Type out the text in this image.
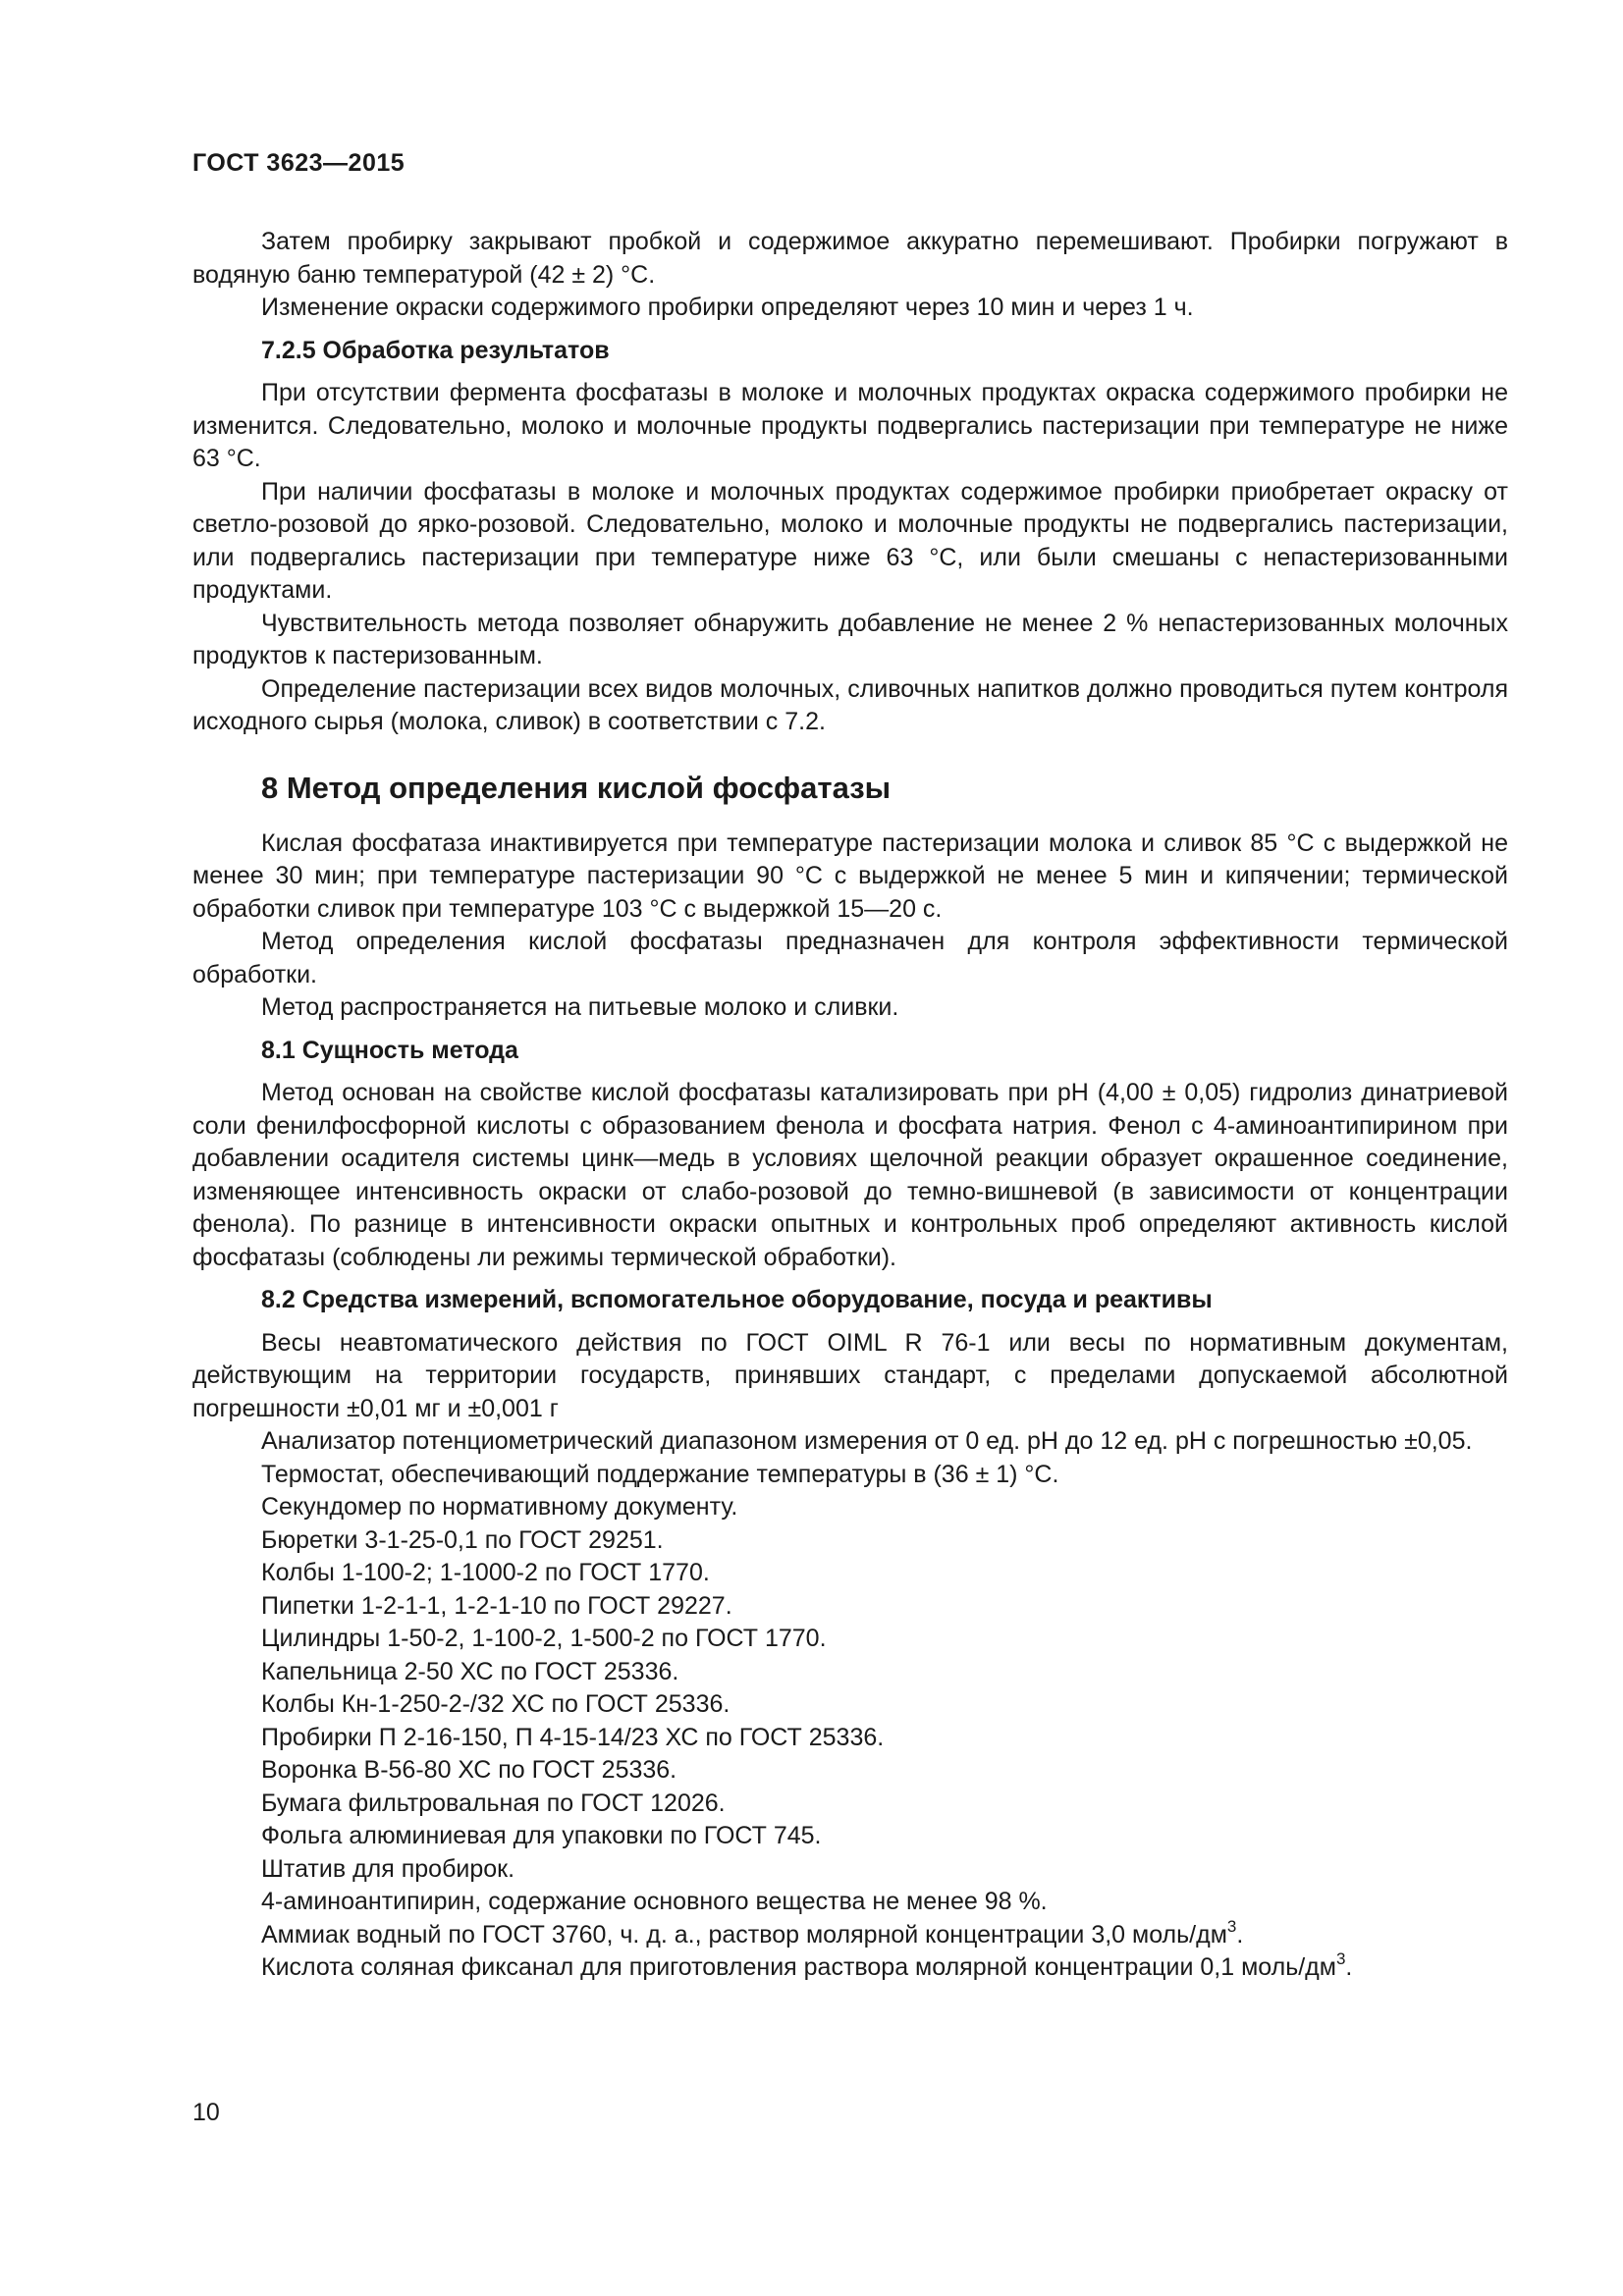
ГОСТ 3623—2015

Затем пробирку закрывают пробкой и содержимое аккуратно перемешивают. Пробирки погружают в водяную баню температурой (42 ± 2) °С.

Изменение окраски содержимого пробирки определяют через 10 мин и через 1 ч.

7.2.5 Обработка результатов

При отсутствии фермента фосфатазы в молоке и молочных продуктах окраска содержимого пробирки не изменится. Следовательно, молоко и молочные продукты подвергались пастеризации при температуре не ниже 63 °С.

При наличии фосфатазы в молоке и молочных продуктах содержимое пробирки приобретает окраску от светло-розовой до ярко-розовой. Следовательно, молоко и молочные продукты не подвергались пастеризации, или подвергались пастеризации при температуре ниже 63 °С, или были смешаны с непастеризованными продуктами.

Чувствительность метода позволяет обнаружить добавление не менее 2 % непастеризованных молочных продуктов к пастеризованным.

Определение пастеризации всех видов молочных, сливочных напитков должно проводиться путем контроля исходного сырья (молока, сливок) в соответствии с 7.2.

8 Метод определения кислой фосфатазы

Кислая фосфатаза инактивируется при температуре пастеризации молока и сливок 85 °С с выдержкой не менее 30 мин; при температуре пастеризации 90 °С с выдержкой не менее 5 мин и кипячении; термической обработки сливок при температуре 103 °С с выдержкой 15—20 с.

Метод определения кислой фосфатазы предназначен для контроля эффективности термической обработки.

Метод распространяется на питьевые молоко и сливки.

8.1 Сущность метода

Метод основан на свойстве кислой фосфатазы катализировать при рН (4,00 ± 0,05) гидролиз динатриевой соли фенилфосфорной кислоты с образованием фенола и фосфата натрия. Фенол с 4-аминоантипирином при добавлении осадителя системы цинк—медь в условиях щелочной реакции образует окрашенное соединение, изменяющее интенсивность окраски от слабо-розовой до темно-вишневой (в зависимости от концентрации фенола). По разнице в интенсивности окраски опытных и контрольных проб определяют активность кислой фосфатазы (соблюдены ли режимы термической обработки).

8.2 Средства измерений, вспомогательное оборудование, посуда и реактивы

Весы неавтоматического действия по ГОСТ OIML R 76-1 или весы по нормативным документам, действующим на территории государств, принявших стандарт, с пределами допускаемой абсолютной погрешности ±0,01 мг и ±0,001 г

Анализатор потенциометрический диапазоном измерения от 0 ед. рН до 12 ед. рН с погрешностью ±0,05.

Термостат, обеспечивающий поддержание температуры в (36 ± 1) °С.
Секундомер по нормативному документу.
Бюретки 3-1-25-0,1 по ГОСТ 29251.
Колбы 1-100-2; 1-1000-2 по ГОСТ 1770.
Пипетки 1-2-1-1, 1-2-1-10 по ГОСТ 29227.
Цилиндры 1-50-2, 1-100-2, 1-500-2 по ГОСТ 1770.
Капельница 2-50 ХС по ГОСТ 25336.
Колбы Кн-1-250-2-/32 ХС по ГОСТ 25336.
Пробирки П 2-16-150, П 4-15-14/23 ХС по ГОСТ 25336.
Воронка В-56-80 ХС по ГОСТ 25336.
Бумага фильтровальная по ГОСТ 12026.
Фольга алюминиевая для упаковки по ГОСТ 745.
Штатив для пробирок.
4-аминоантипирин, содержание основного вещества не менее 98 %.
Аммиак водный по ГОСТ 3760, ч. д. а., раствор молярной концентрации 3,0 моль/$дм^3$.
Кислота соляная фиксанал для приготовления раствора молярной концентрации 0,1 моль/$дм^3$.
10
